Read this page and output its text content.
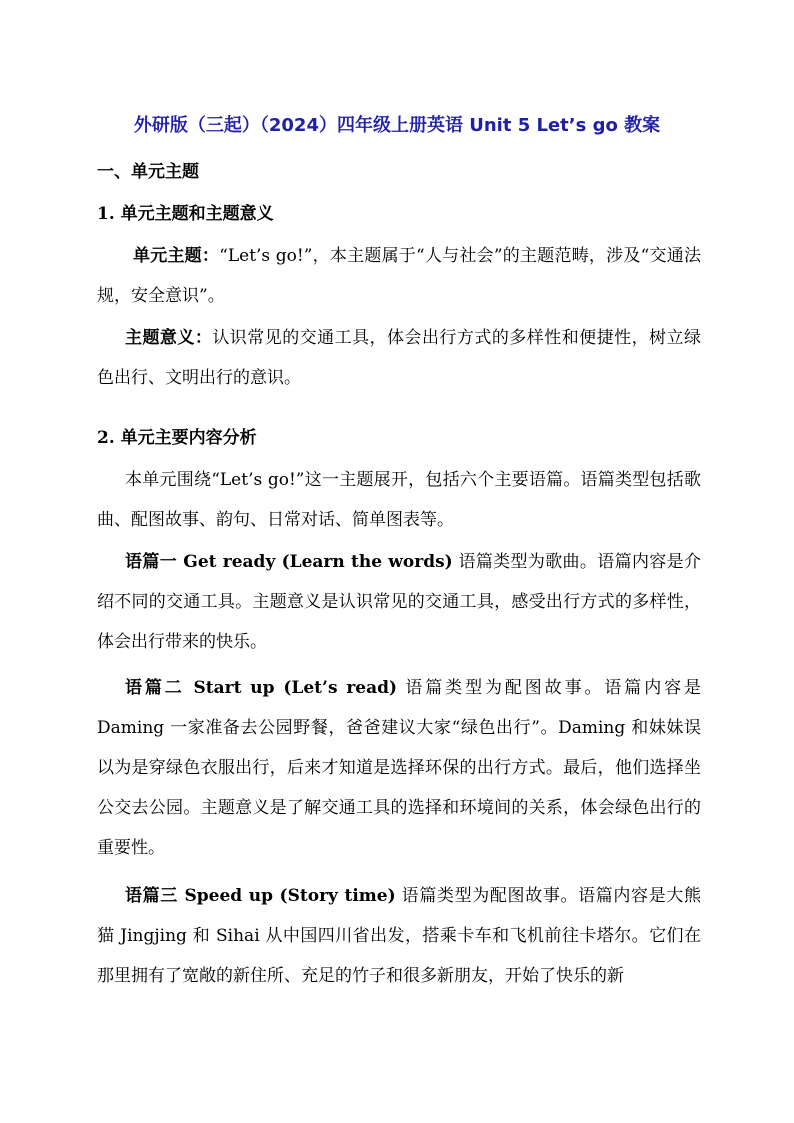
外研版（三起）（2024）四年级上册英语 Unit 5 Let’s go 教案
一、单元主题
1. 单元主题和主题意义
单元主题：“Let’s go!”，本主题属于“人与社会”的主题范畴，涉及“交通法规，安全意识”。
主题意义：认识常见的交通工具，体会出行方式的多样性和便捷性，树立绿色出行、文明出行的意识。
2. 单元主要内容分析
本单元围绕“Let’s go!”这一主题展开，包括六个主要语篇。语篇类型包括歌曲、配图故事、韵句、日常对话、简单图表等。
语篇一 Get ready (Learn the words) 语篇类型为歌曲。语篇内容是介绍不同的交通工具。主题意义是认识常见的交通工具，感受出行方式的多样性，体会出行带来的快乐。
语篇二 Start up (Let’s read) 语篇类型为配图故事。语篇内容是 Daming 一家准备去公园野餐，爸爸建议大家“绿色出行”。Daming 和妹妹误以为是穿绿色衣服出行，后来才知道是选择环保的出行方式。最后，他们选择坐公交去公园。主题意义是了解交通工具的选择和环境间的关系，体会绿色出行的重要性。
语篇三 Speed up (Story time) 语篇类型为配图故事。语篇内容是大熊猫 Jingjing 和 Sihai 从中国四川省出发，搭乘卡车和飞机前往卡塔尔。它们在那里拥有了宽敞的新住所、充足的竹子和很多新朋友，开始了快乐的新
